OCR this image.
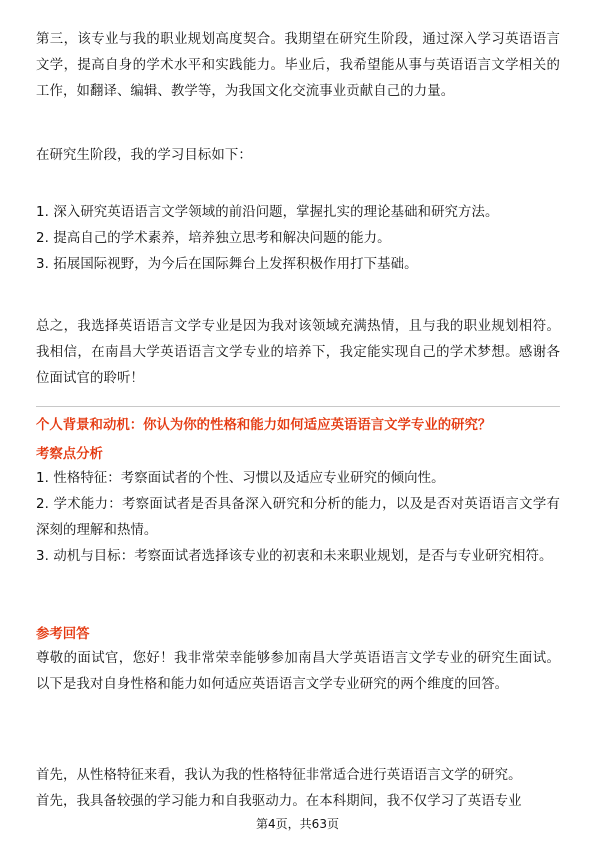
第三，该专业与我的职业规划高度契合。我期望在研究生阶段，通过深入学习英语语言文学，提高自身的学术水平和实践能力。毕业后，我希望能从事与英语语言文学相关的工作，如翻译、编辑、教学等，为我国文化交流事业贡献自己的力量。

在研究生阶段，我的学习目标如下：

1. 深入研究英语语言文学领域的前沿问题，掌握扎实的理论基础和研究方法。

2. 提高自己的学术素养，培养独立思考和解决问题的能力。

3. 拓展国际视野，为今后在国际舞台上发挥积极作用打下基础。

总之，我选择英语语言文学专业是因为我对该领域充满热情，且与我的职业规划相符。我相信，在南昌大学英语语言文学专业的培养下，我定能实现自己的学术梦想。感谢各位面试官的聆听！

个人背景和动机：你认为你的性格和能力如何适应英语语言文学专业的研究？

考察点分析

1. 性格特征：考察面试者的个性、习惯以及适应专业研究的倾向性。

2. 学术能力：考察面试者是否具备深入研究和分析的能力，以及是否对英语语言文学有深刻的理解和热情。

3. 动机与目标：考察面试者选择该专业的初衷和未来职业规划，是否与专业研究相符。

参考回答

尊敬的面试官，您好！我非常荣幸能够参加南昌大学英语语言文学专业的研究生面试。以下是我对自身性格和能力如何适应英语语言文学专业研究的两个维度的回答。

首先，从性格特征来看，我认为我的性格特征非常适合进行英语语言文学的研究。

首先，我具备较强的学习能力和自我驱动力。在本科期间，我不仅学习了英语专业

第4页，共63页
